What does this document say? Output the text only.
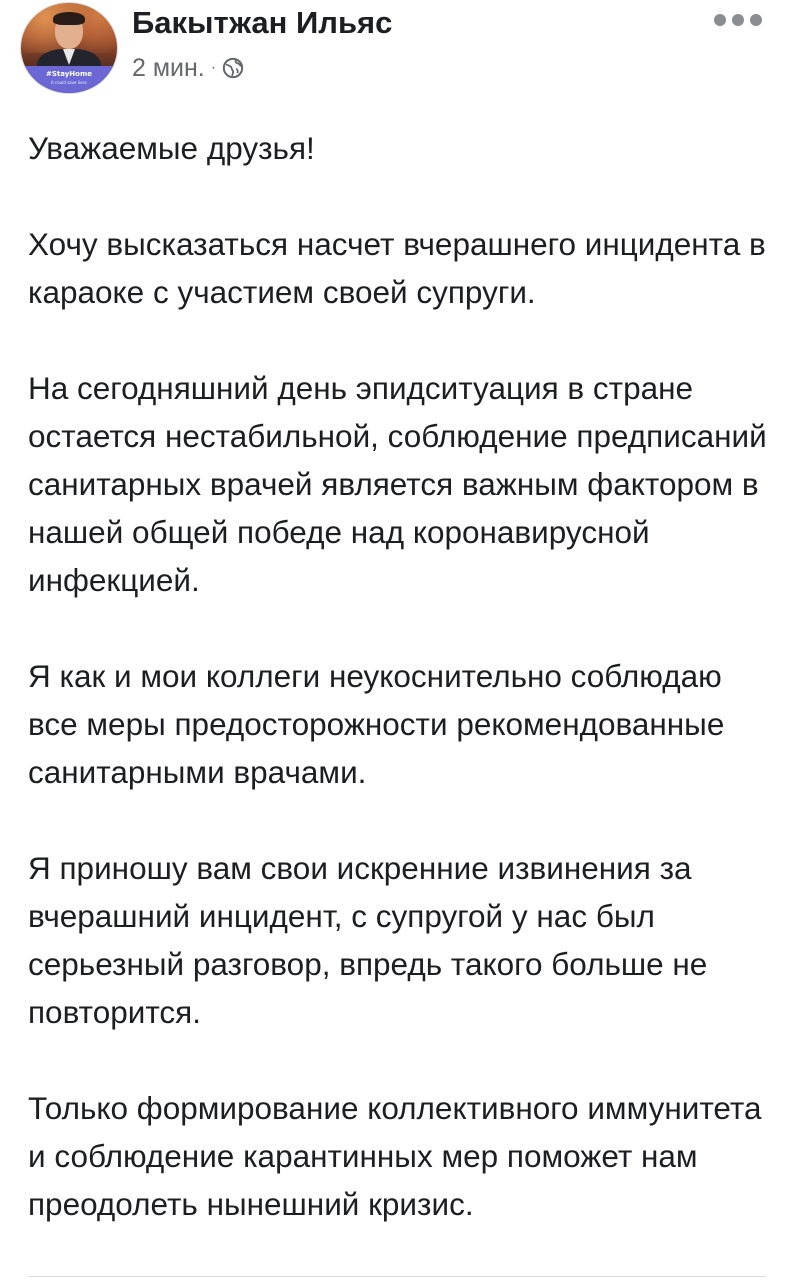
#StayHome
it could save lives
Бакытжан Ильяс
2 мин. ·

Уважаемые друзья!

Хочу высказаться насчет вчерашнего инцидента в караоке с участием своей супруги.

На сегодняшний день эпидситуация в стране остается нестабильной, соблюдение предписаний санитарных врачей является важным фактором в нашей общей победе над коронавирусной инфекцией.

Я как и мои коллеги неукоснительно соблюдаю все меры предосторожности рекомендованные санитарными врачами.

Я приношу вам свои искренние извинения за вчерашний инцидент, с супругой у нас был серьезный разговор, впредь такого больше не повторится.

Только формирование коллективного иммунитета и соблюдение карантинных мер поможет нам преодолеть нынешний кризис.
